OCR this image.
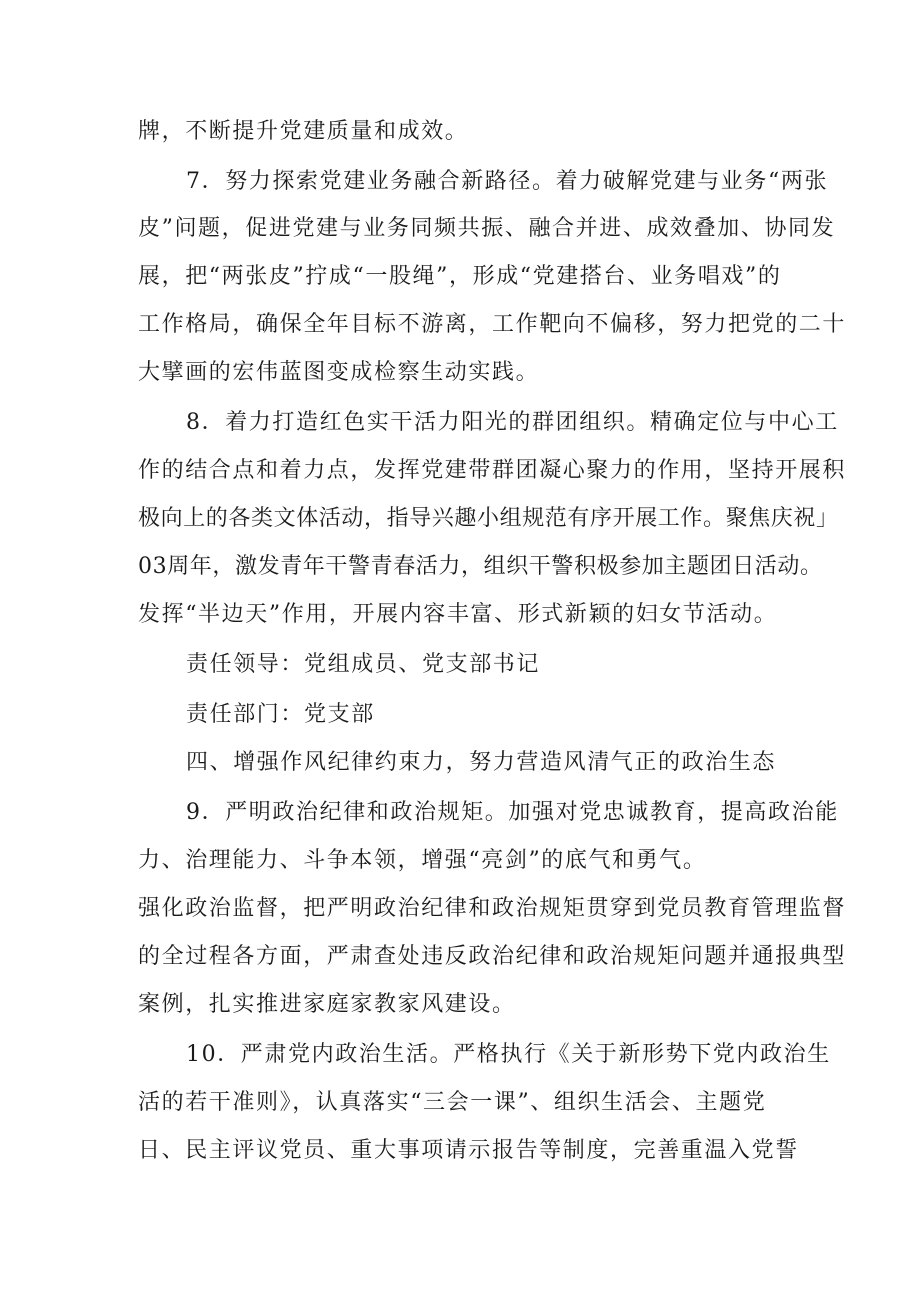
牌，不断提升党建质量和成效。
7．努力探索党建业务融合新路径。着力破解党建与业务“两张
皮”问题，促进党建与业务同频共振、融合并进、成效叠加、协同发
展，把“两张皮”拧成“一股绳”，形成“党建搭台、业务唱戏”的
工作格局，确保全年目标不游离，工作靶向不偏移，努力把党的二十
大擘画的宏伟蓝图变成检察生动实践。
8．着力打造红色实干活力阳光的群团组织。精确定位与中心工
作的结合点和着力点，发挥党建带群团凝心聚力的作用，坚持开展积
极向上的各类文体活动，指导兴趣小组规范有序开展工作。聚焦庆祝」
03周年，激发青年干警青春活力，组织干警积极参加主题团日活动。
发挥“半边天”作用，开展内容丰富、形式新颖的妇女节活动。
责任领导：党组成员、党支部书记
责任部门：党支部
四、增强作风纪律约束力，努力营造风清气正的政治生态
9．严明政治纪律和政治规矩。加强对党忠诚教育，提高政治能
力、治理能力、斗争本领，增强“亮剑”的底气和勇气。
强化政治监督，把严明政治纪律和政治规矩贯穿到党员教育管理监督
的全过程各方面，严肃查处违反政治纪律和政治规矩问题并通报典型
案例，扎实推进家庭家教家风建设。
10．严肃党内政治生活。严格执行《关于新形势下党内政治生
活的若干准则》，认真落实“三会一课”、组织生活会、主题党
日、民主评议党员、重大事项请示报告等制度，完善重温入党誓
